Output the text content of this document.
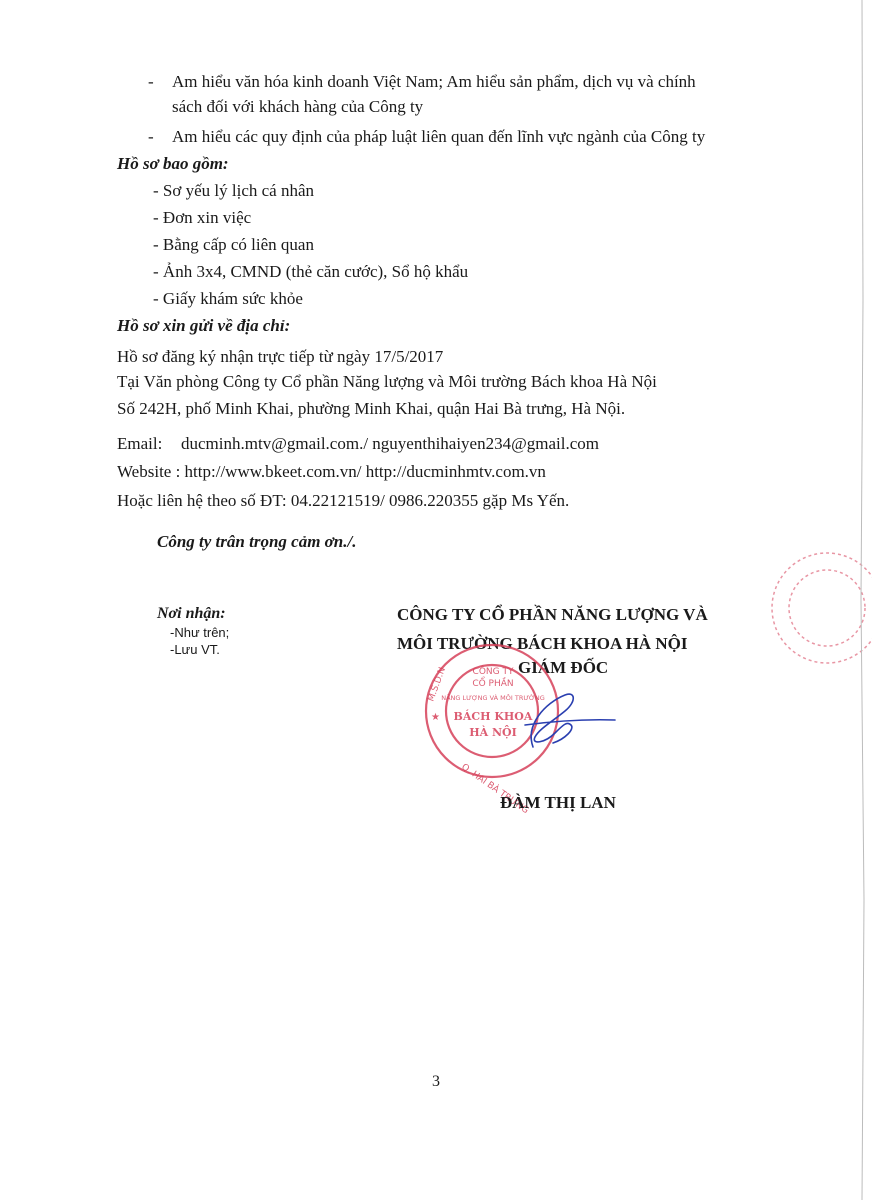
- Am hiểu văn hóa kinh doanh Việt Nam; Am hiểu sản phẩm, dịch vụ và chính
sách đối với khách hàng của Công ty
- Am hiểu các quy định của pháp luật liên quan đến lĩnh vực ngành của Công ty
Hồ sơ bao gồm:
- Sơ yếu lý lịch cá nhân
- Đơn xin việc
- Bằng cấp có liên quan
- Ảnh 3x4, CMND (thẻ căn cước), Sổ hộ khẩu
- Giấy khám sức khỏe
Hồ sơ xin gửi về địa chỉ:
Hồ sơ đăng ký nhận trực tiếp từ ngày 17/5/2017
Tại Văn phòng Công ty Cổ phần Năng lượng và Môi trường Bách khoa Hà Nội
Số 242H, phố Minh Khai, phường Minh Khai, quận Hai Bà trưng, Hà Nội.
Email: ducminh.mtv@gmail.com./ nguyenthihaiyen234@gmail.com
Website : http://www.bkeet.com.vn/ http://ducminhmtv.com.vn
Hoặc liên hệ theo số ĐT: 04.22121519/ 0986.220355 gặp Ms Yến.
Công ty trân trọng cảm ơn./.
Nơi nhận:
-Như trên;
-Lưu VT.
CÔNG TY CỔ PHẦN NĂNG LƯỢNG VÀ
MÔI TRƯỜNG BÁCH KHOA HÀ NỘI
GIÁM ĐỐC
M.S.D.N
Q. HAI BÀ TRƯNG
★
CÔNG TY
CỔ PHẦN
NĂNG LƯỢNG VÀ MÔI TRƯỜNG
BÁCH KHOA
HÀ NỘI
ĐÀM THỊ LAN
3
